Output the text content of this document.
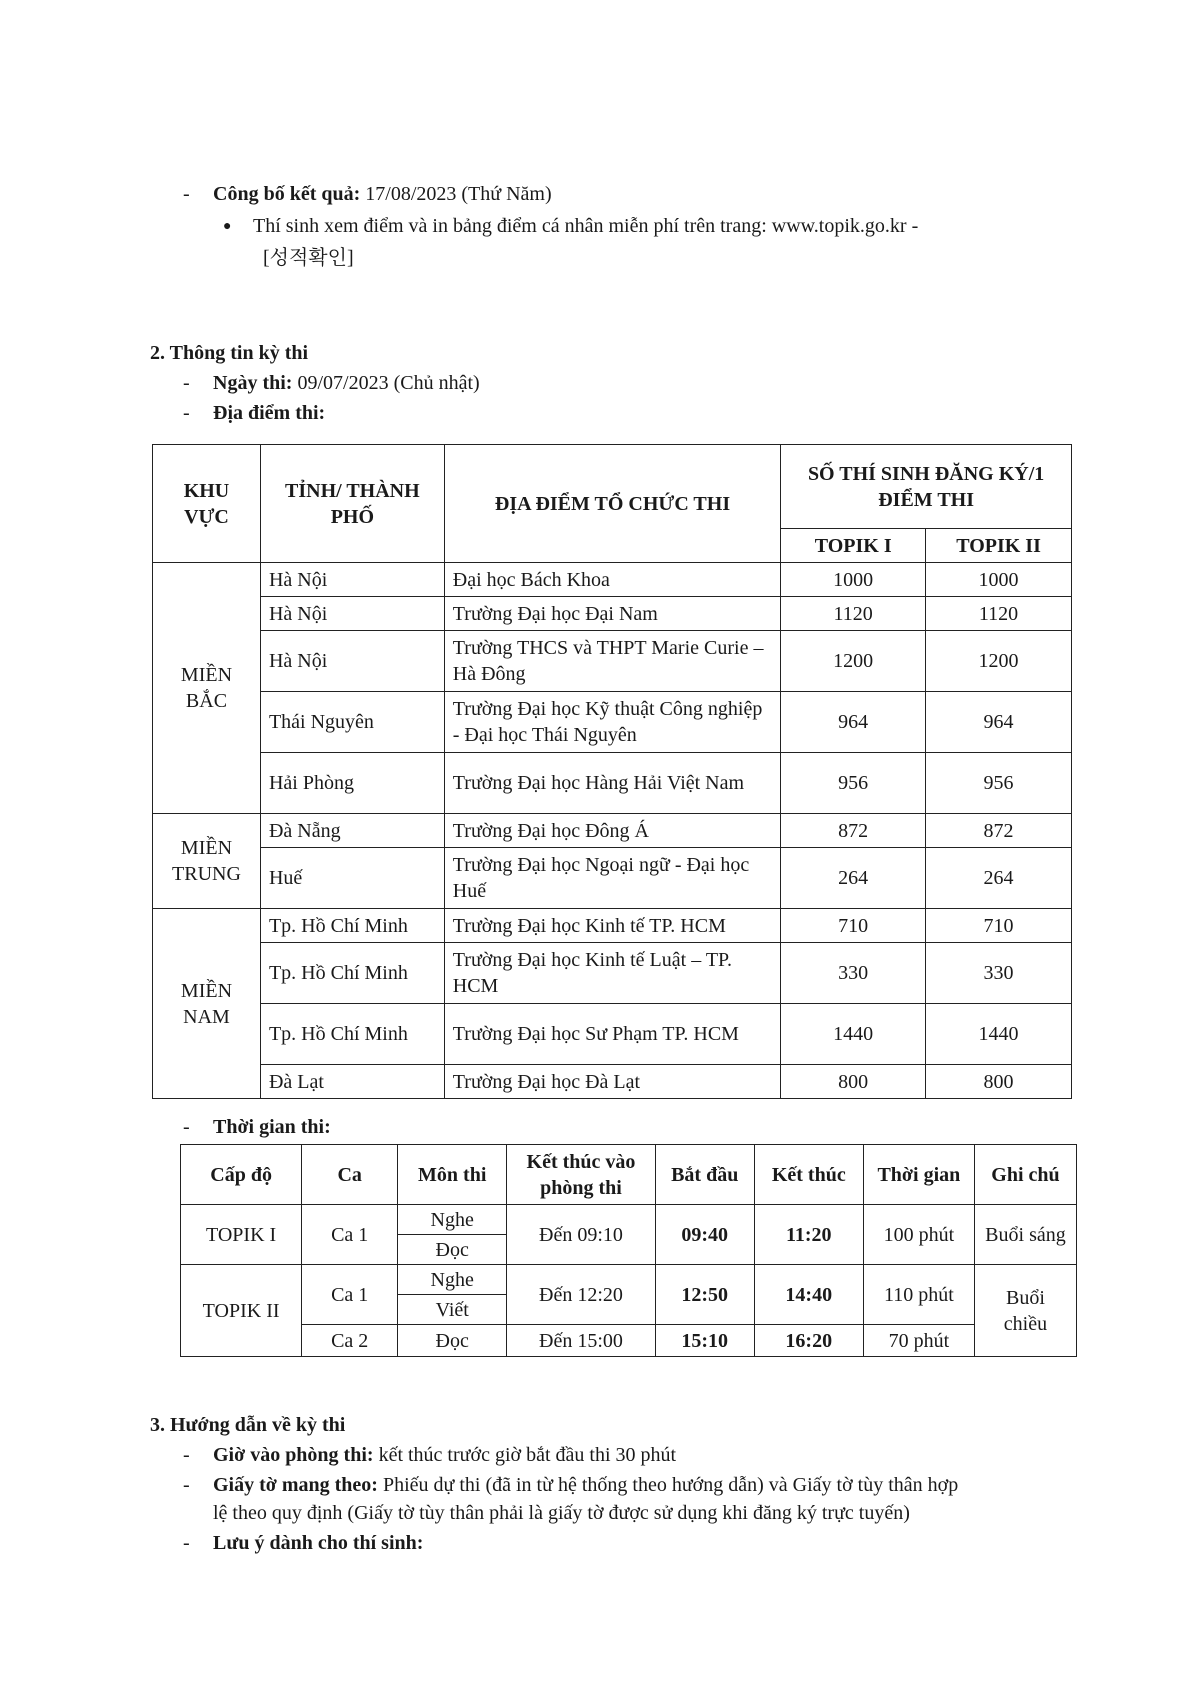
- Công bố kết quả: 17/08/2023 (Thứ Năm)
● Thí sinh xem điểm và in bảng điểm cá nhân miễn phí trên trang: www.topik.go.kr -
[성적확인]
2. Thông tin kỳ thi
- Ngày thi: 09/07/2023 (Chủ nhật)
- Địa điểm thi:
KHU VỰC	TỈNH/ THÀNH PHỐ	ĐỊA ĐIỂM TỔ CHỨC THI	SỐ THÍ SINH ĐĂNG KÝ/1 ĐIỂM THI	
			TOPIK I	TOPIK II
MIỀN BẮC	Hà Nội	Đại học Bách Khoa	1000	1000
	Hà Nội	Trường Đại học Đại Nam	1120	1120
	Hà Nội	Trường THCS và THPT Marie Curie – Hà Đông	1200	1200
	Thái Nguyên	Trường Đại học Kỹ thuật Công nghiệp - Đại học Thái Nguyên	964	964
	Hải Phòng	Trường Đại học Hàng Hải Việt Nam	956	956
MIỀN TRUNG	Đà Nẵng	Trường Đại học Đông Á	872	872
	Huế	Trường Đại học Ngoại ngữ - Đại học Huế	264	264
MIỀN NAM	Tp. Hồ Chí Minh	Trường Đại học Kinh tế TP. HCM	710	710
	Tp. Hồ Chí Minh	Trường Đại học Kinh tế Luật – TP. HCM	330	330
	Tp. Hồ Chí Minh	Trường Đại học Sư Phạm TP. HCM	1440	1440
	Đà Lạt	Trường Đại học Đà Lạt	800	800
- Thời gian thi:
Cấp độ	Ca	Môn thi	Kết thúc vào phòng thi	Bắt đầu	Kết thúc	Thời gian	Ghi chú
TOPIK I	Ca 1	Nghe	Đến 09:10	09:40	11:20	100 phút	Buổi sáng
		Đọc					
TOPIK II	Ca 1	Nghe	Đến 12:20	12:50	14:40	110 phút	Buổi chiều
		Viết					
	Ca 2	Đọc	Đến 15:00	15:10	16:20	70 phút	
3. Hướng dẫn về kỳ thi
- Giờ vào phòng thi: kết thúc trước giờ bắt đầu thi 30 phút
- Giấy tờ mang theo: Phiếu dự thi (đã in từ hệ thống theo hướng dẫn) và Giấy tờ tùy thân hợp
lệ theo quy định (Giấy tờ tùy thân phải là giấy tờ được sử dụng khi đăng ký trực tuyến)
- Lưu ý dành cho thí sinh:
